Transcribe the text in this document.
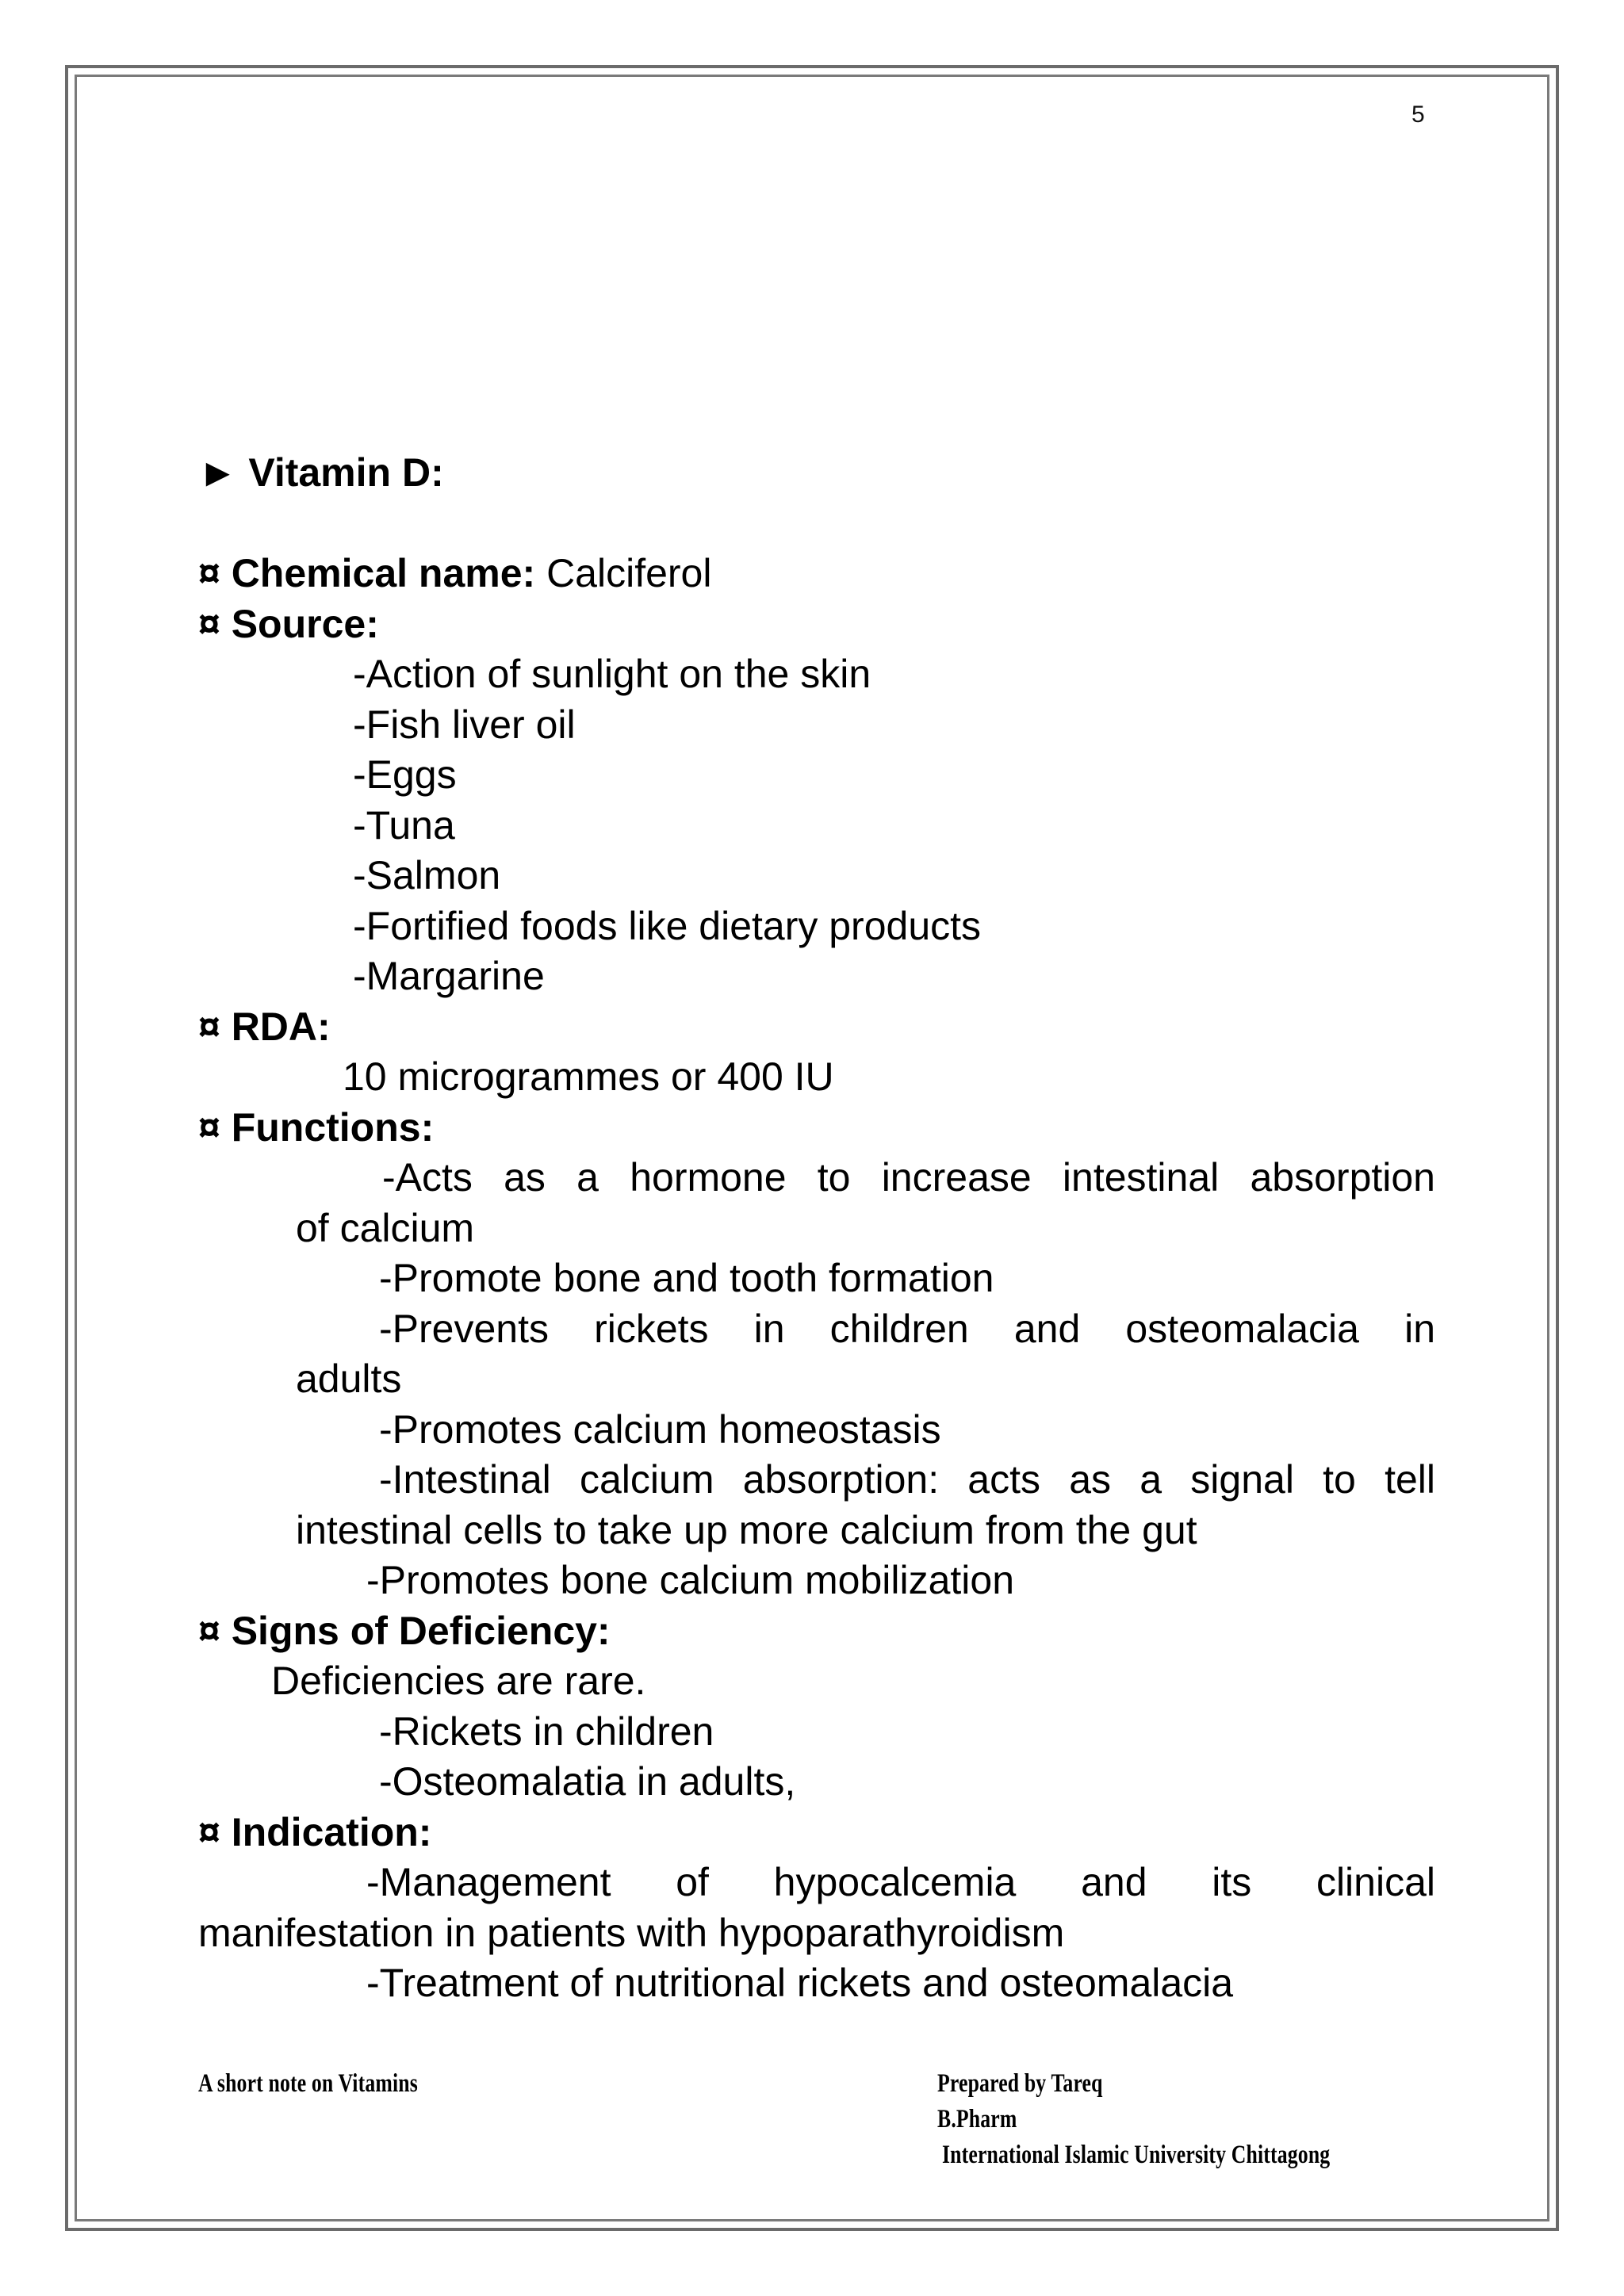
5
► Vitamin D:
¤ Chemical name: Calciferol
¤ Source:
-Action of sunlight on the skin
-Fish liver oil
-Eggs
-Tuna
-Salmon
-Fortified foods like dietary products
-Margarine
¤ RDA:
10 microgrammes or 400 IU
¤ Functions:
-Acts as a hormone to increase intestinal absorption
of calcium
-Promote bone and tooth formation
-Prevents rickets in children and osteomalacia in
adults
-Promotes calcium homeostasis
-Intestinal calcium absorption: acts as a signal to tell
intestinal cells to take up more calcium from the gut
-Promotes bone calcium mobilization
¤ Signs of Deficiency:
Deficiencies are rare.
-Rickets in children
-Osteomalatia in adults,
¤ Indication:
-Management of hypocalcemia and its clinical
manifestation in patients with hypoparathyroidism
-Treatment of nutritional rickets and osteomalacia
A short note on Vitamins	Prepared by Tareq
B.Pharm
International Islamic University Chittagong
